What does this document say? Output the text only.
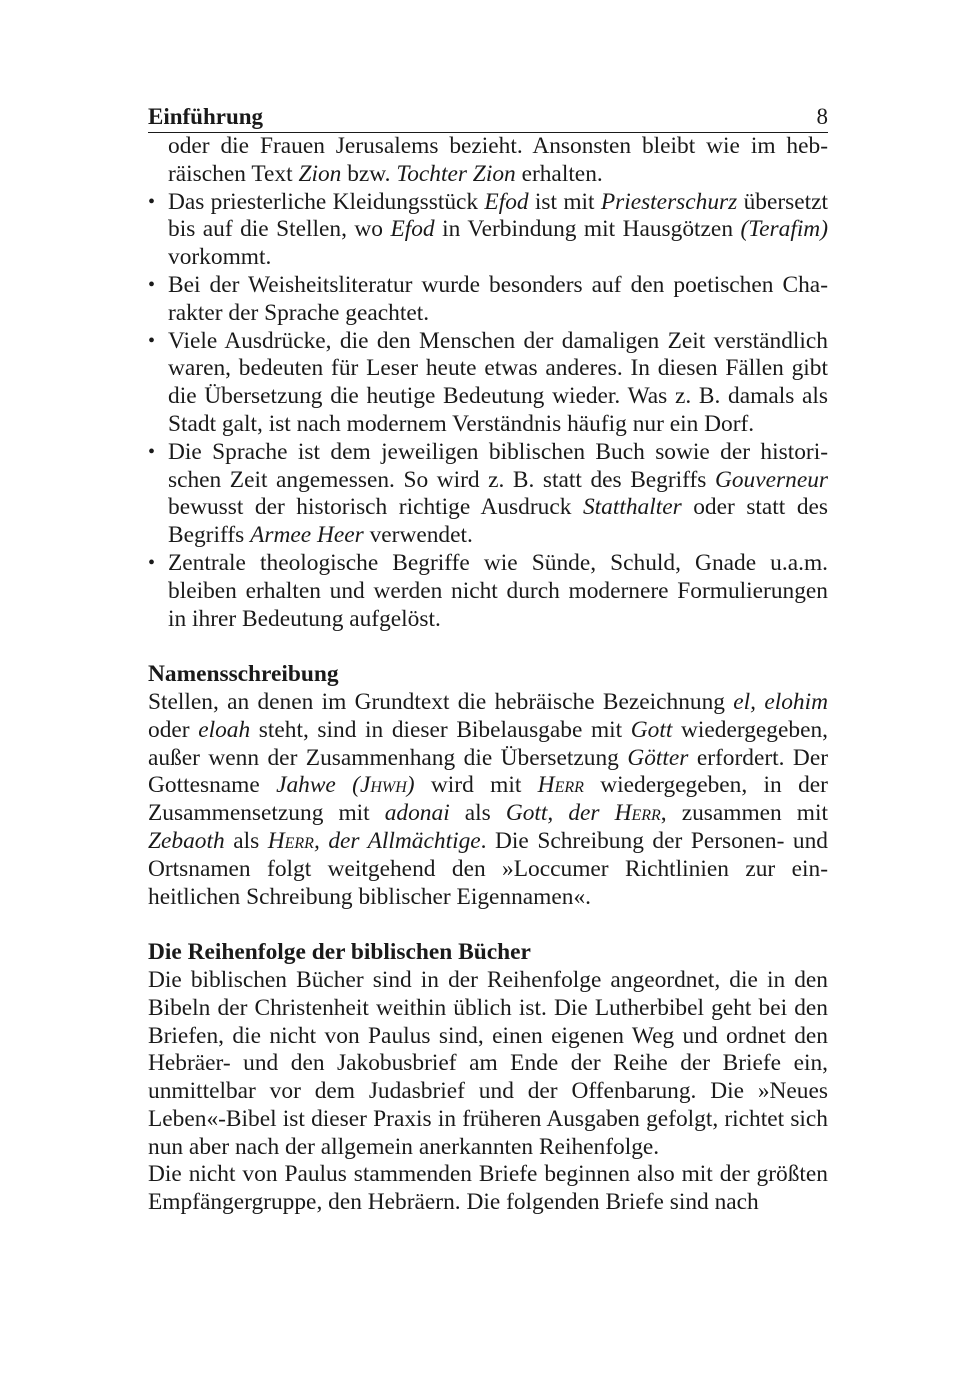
Einführung	8

oder die Frauen Jerusalems bezieht. Ansonsten bleibt wie im hebräischen Text Zion bzw. Tochter Zion erhalten.

• Das priesterliche Kleidungsstück Efod ist mit Priesterschurz übersetzt bis auf die Stellen, wo Efod in Verbindung mit Hausgötzen (Terafim) vorkommt.
• Bei der Weisheitsliteratur wurde besonders auf den poetischen Charakter der Sprache geachtet.
• Viele Ausdrücke, die den Menschen der damaligen Zeit verständlich waren, bedeuten für Leser heute etwas anderes. In diesen Fällen gibt die Übersetzung die heutige Bedeutung wieder. Was z. B. damals als Stadt galt, ist nach modernem Verständnis häufig nur ein Dorf.
• Die Sprache ist dem jeweiligen biblischen Buch sowie der historischen Zeit angemessen. So wird z. B. statt des Begriffs Gouverneur bewusst der historisch richtige Ausdruck Statthalter oder statt des Begriffs Armee Heer verwendet.
• Zentrale theologische Begriffe wie Sünde, Schuld, Gnade u.a.m. bleiben erhalten und werden nicht durch modernere Formulierungen in ihrer Bedeutung aufgelöst.
Namensschreibung

Stellen, an denen im Grundtext die hebräische Bezeichnung el, elohim oder eloah steht, sind in dieser Bibelausgabe mit Gott wiedergegeben, außer wenn der Zusammenhang die Übersetzung Götter erfordert. Der Gottesname Jahwe (Jhwh) wird mit Herr wiedergegeben, in der Zusammensetzung mit adonai als Gott, der Herr, zusammen mit Zebaoth als Herr, der Allmächtige. Die Schreibung der Personen- und Ortsnamen folgt weitgehend den »Loccumer Richtlinien zur einheitlichen Schreibung biblischer Eigennamen«.

Die Reihenfolge der biblischen Bücher

Die biblischen Bücher sind in der Reihenfolge angeordnet, die in den Bibeln der Christenheit weithin üblich ist. Die Lutherbibel geht bei den Briefen, die nicht von Paulus sind, einen eigenen Weg und ordnet den Hebräer- und den Jakobusbrief am Ende der Reihe der Briefe ein, unmittelbar vor dem Judasbrief und der Offenbarung. Die »Neues Leben«-Bibel ist dieser Praxis in früheren Ausgaben gefolgt, richtet sich nun aber nach der allgemein anerkannten Reihenfolge.

Die nicht von Paulus stammenden Briefe beginnen also mit der größten Empfängergruppe, den Hebräern. Die folgenden Briefe sind nach
